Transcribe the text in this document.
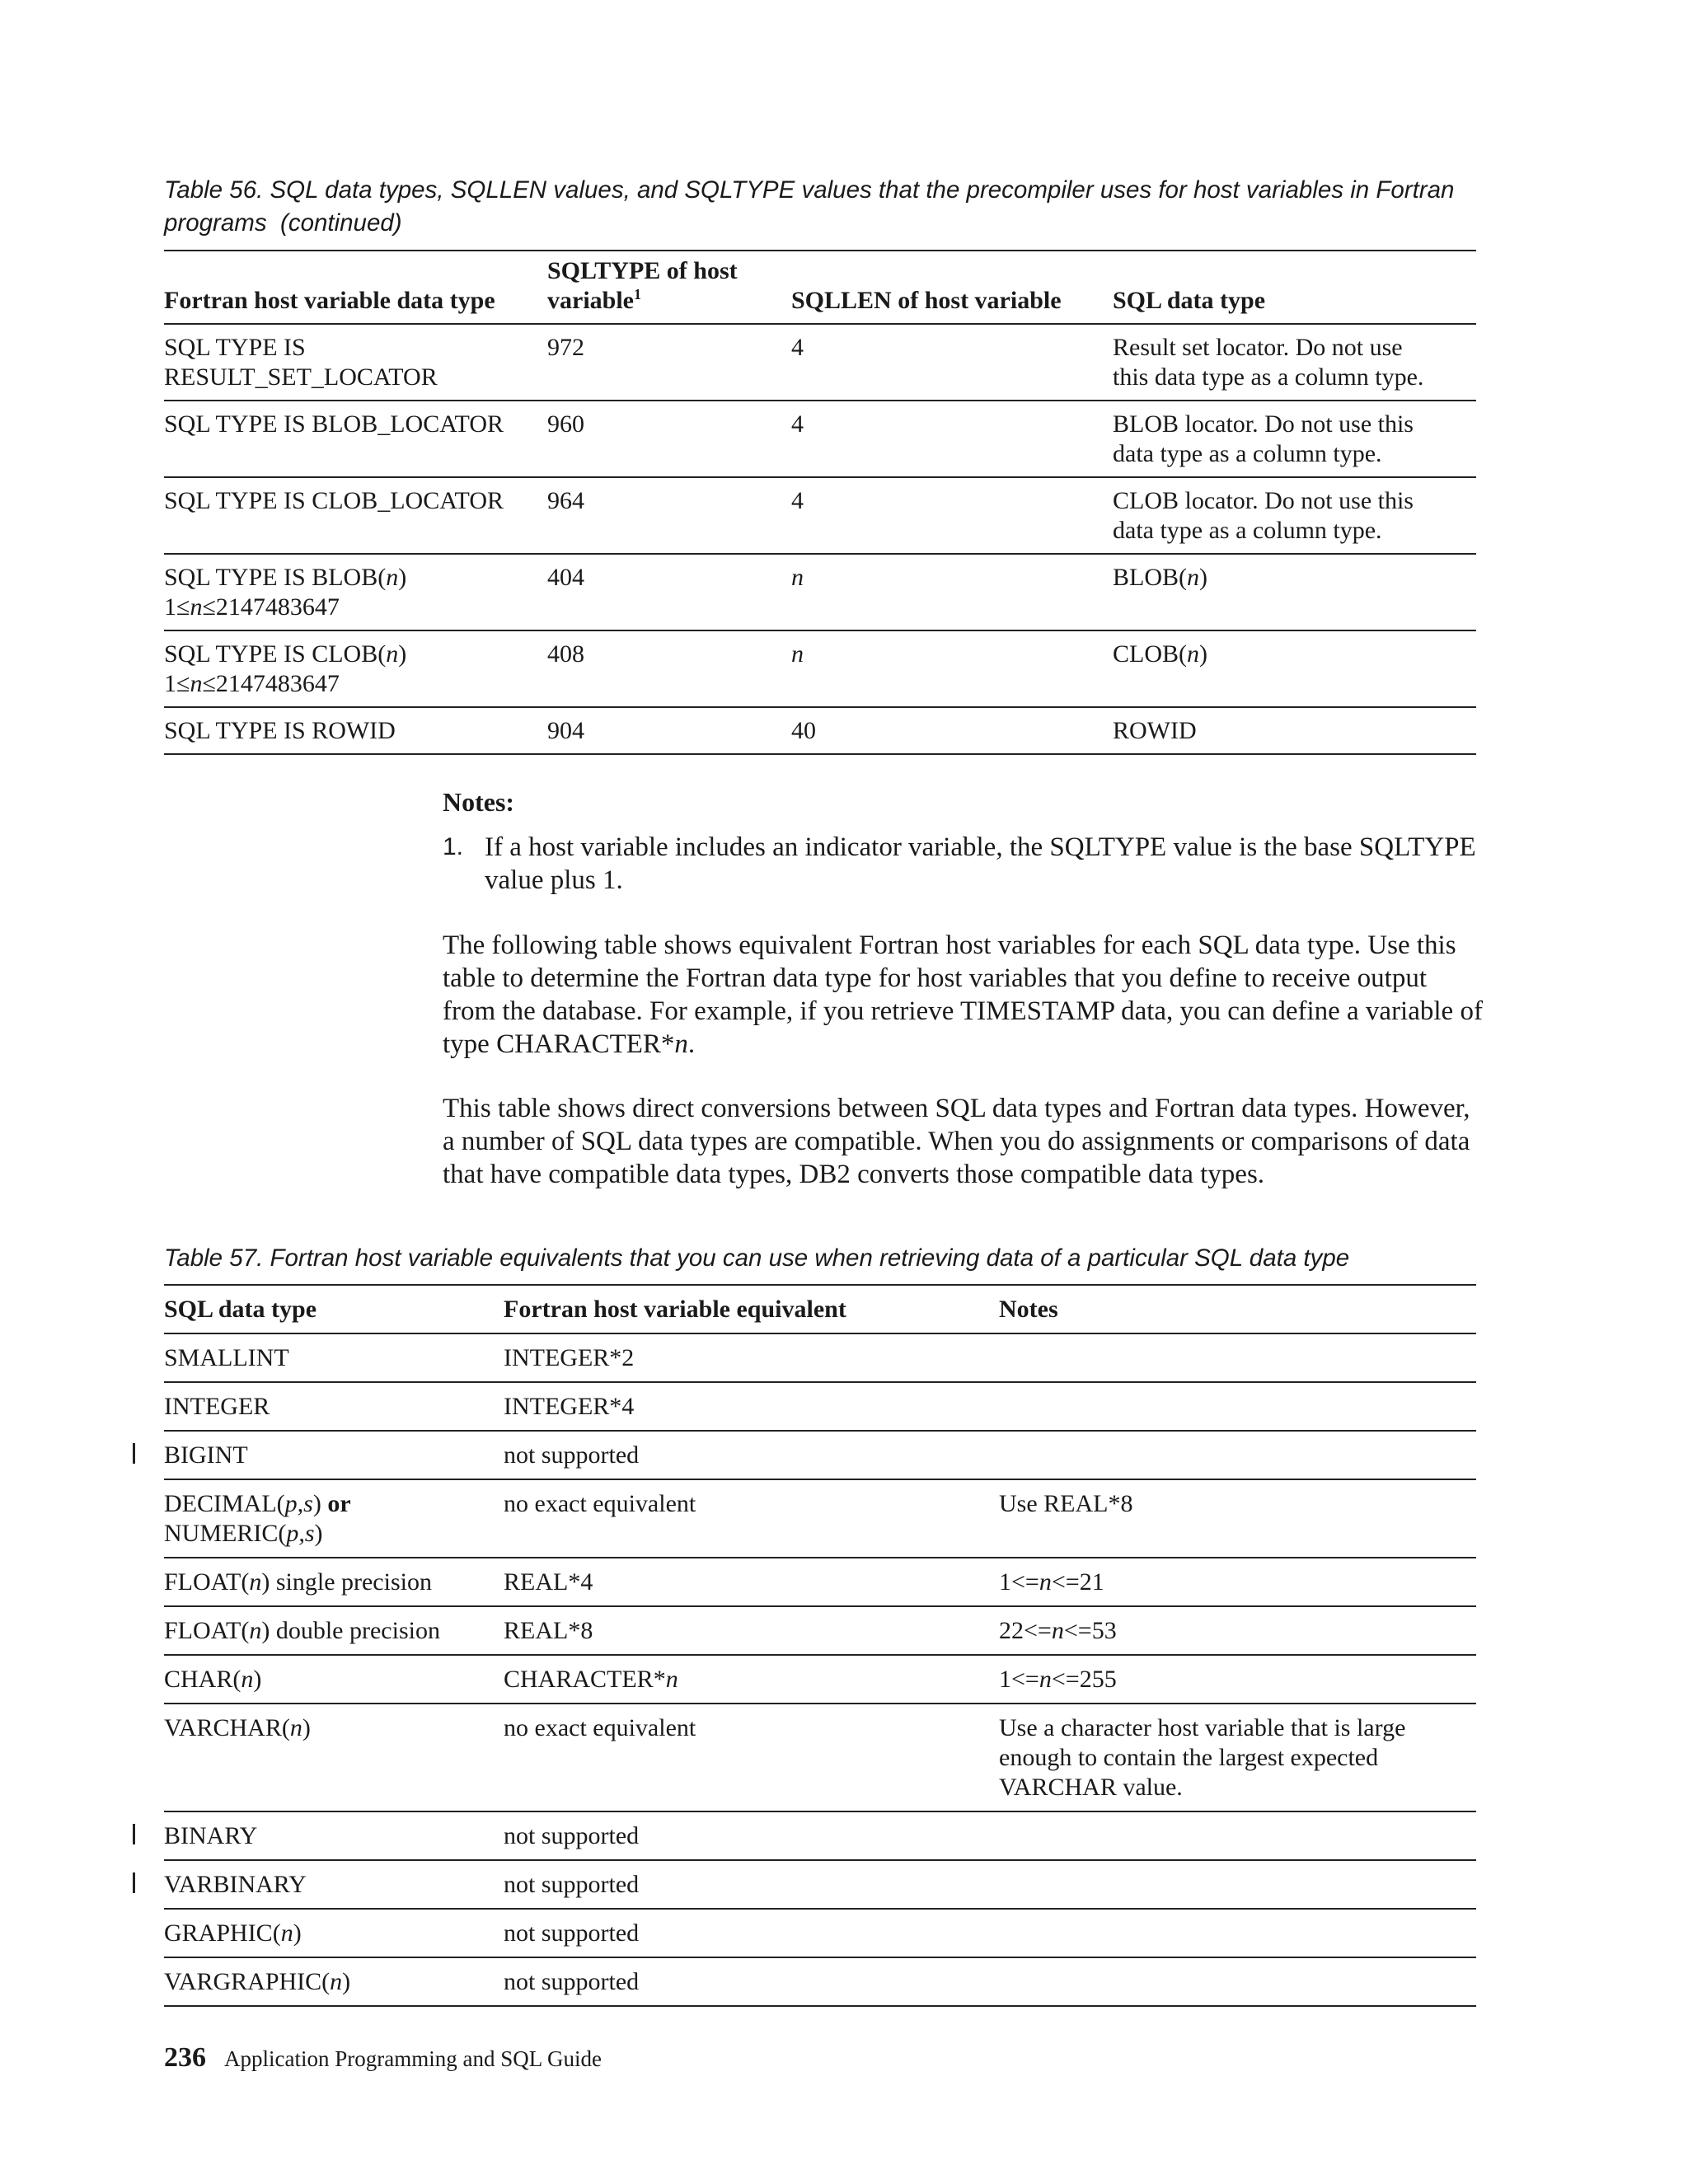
Table 56. SQL data types, SQLLEN values, and SQLTYPE values that the precompiler uses for host variables in Fortran programs (continued)
Fortran host variable data type	SQLTYPE of host variable$^1$	SQLLEN of host variable	SQL data type
SQL TYPE IS
RESULT_SET_LOCATOR	972	4	Result set locator. Do not use
this data type as a column type.
SQL TYPE IS BLOB_LOCATOR	960	4	BLOB locator. Do not use this
data type as a column type.
SQL TYPE IS CLOB_LOCATOR	964	4	CLOB locator. Do not use this
data type as a column type.
SQL TYPE IS BLOB(n)
1≤n≤2147483647	404	n	BLOB(n)
SQL TYPE IS CLOB(n)
1≤n≤2147483647	408	n	CLOB(n)
SQL TYPE IS ROWID	904	40	ROWID
Notes:
1. If a host variable includes an indicator variable, the SQLTYPE value is the base SQLTYPE value plus 1.
The following table shows equivalent Fortran host variables for each SQL data type. Use this table to determine the Fortran data type for host variables that you define to receive output from the database. For example, if you retrieve TIMESTAMP data, you can define a variable of type CHARACTER*n.
This table shows direct conversions between SQL data types and Fortran data types. However, a number of SQL data types are compatible. When you do assignments or comparisons of data that have compatible data types, DB2 converts those compatible data types.
Table 57. Fortran host variable equivalents that you can use when retrieving data of a particular SQL data type
SQL data type	Fortran host variable equivalent	Notes
SMALLINT	INTEGER*2	
INTEGER	INTEGER*4	

BIGINT	not supported	
DECIMAL(p,s) or
NUMERIC(p,s)	no exact equivalent	Use REAL*8
FLOAT(n) single precision	REAL*4	1<=n<=21
FLOAT(n) double precision	REAL*8	22<=n<=53
CHAR(n)	CHARACTER*n	1<=n<=255
VARCHAR(n)	no exact equivalent	Use a character host variable that is large enough to contain the largest expected VARCHAR value.

BINARY	not supported	

VARBINARY	not supported	
GRAPHIC(n)	not supported	
VARGRAPHIC(n)	not supported	
236 Application Programming and SQL Guide
